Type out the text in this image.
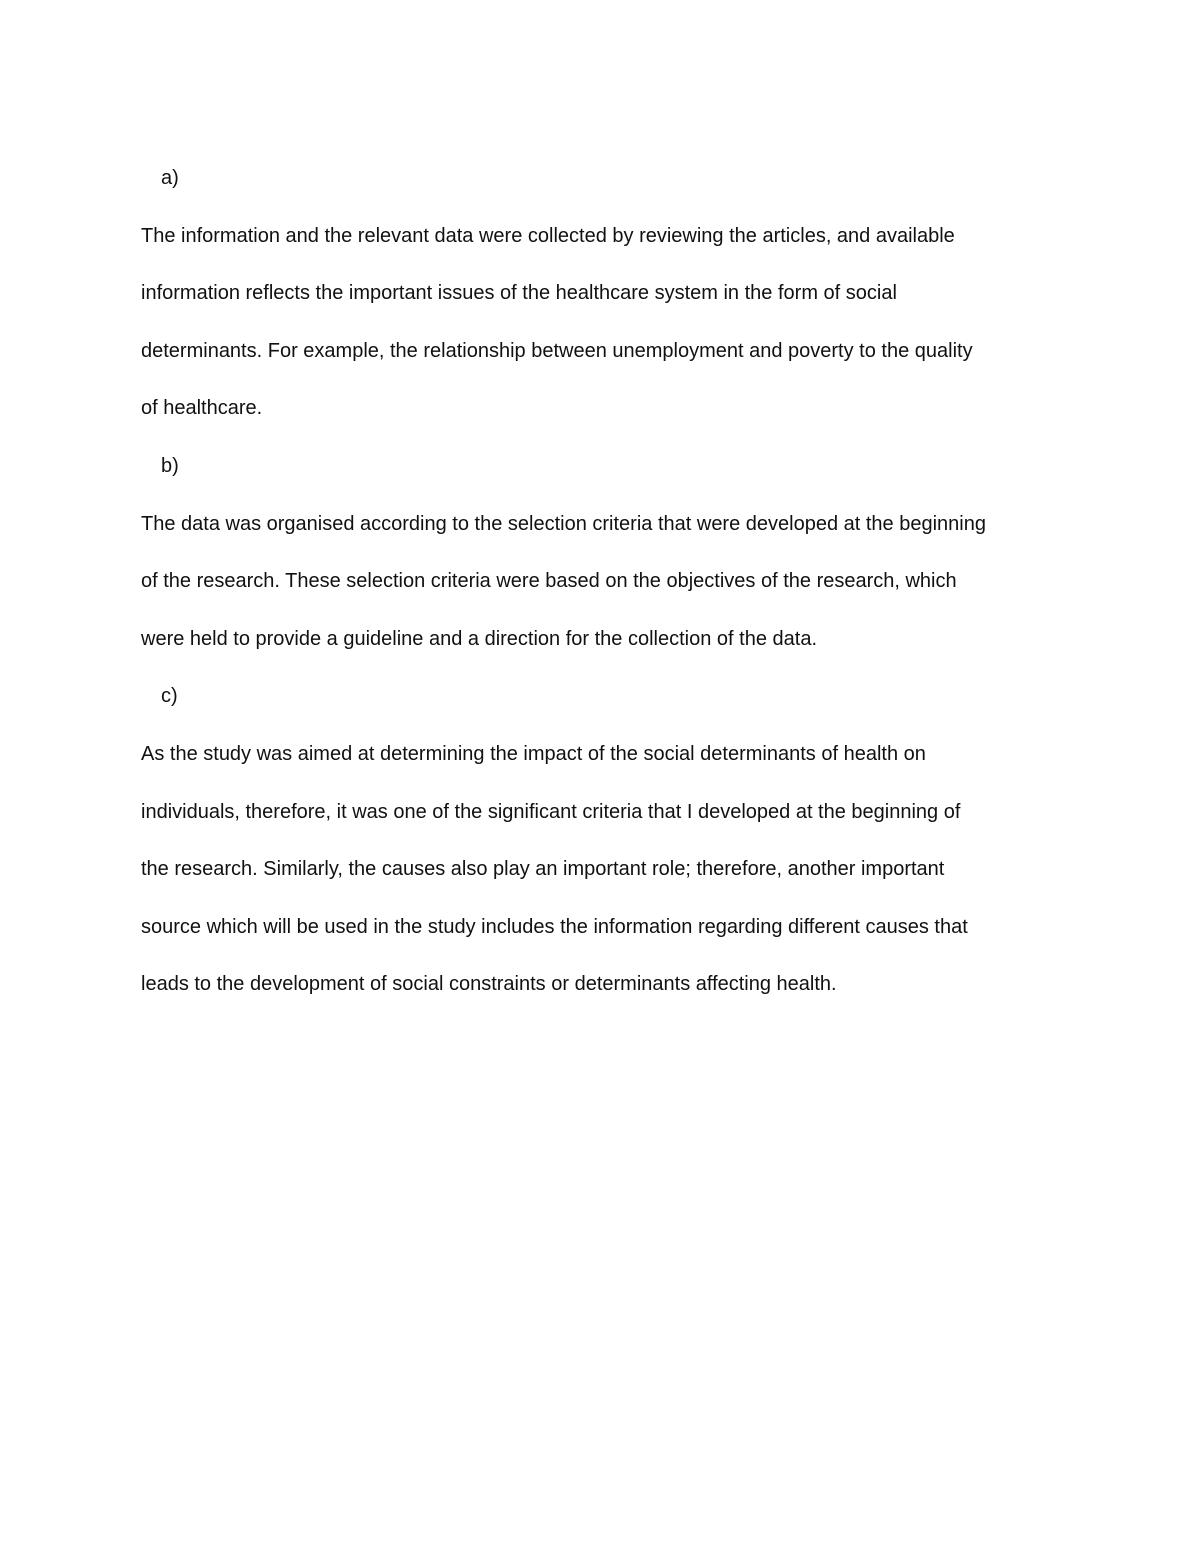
a)
The information and the relevant data were collected by reviewing the articles, and available
information reflects the important issues of the healthcare system in the form of social
determinants. For example, the relationship between unemployment and poverty to the quality
of healthcare.
b)
The data was organised according to the selection criteria that were developed at the beginning
of the research. These selection criteria were based on the objectives of the research, which
were held to provide a guideline and a direction for the collection of the data.
c)
As the study was aimed at determining the impact of the social determinants of health on
individuals, therefore, it was one of the significant criteria that I developed at the beginning of
the research. Similarly, the causes also play an important role; therefore, another important
source which will be used in the study includes the information regarding different causes that
leads to the development of social constraints or determinants affecting health.
